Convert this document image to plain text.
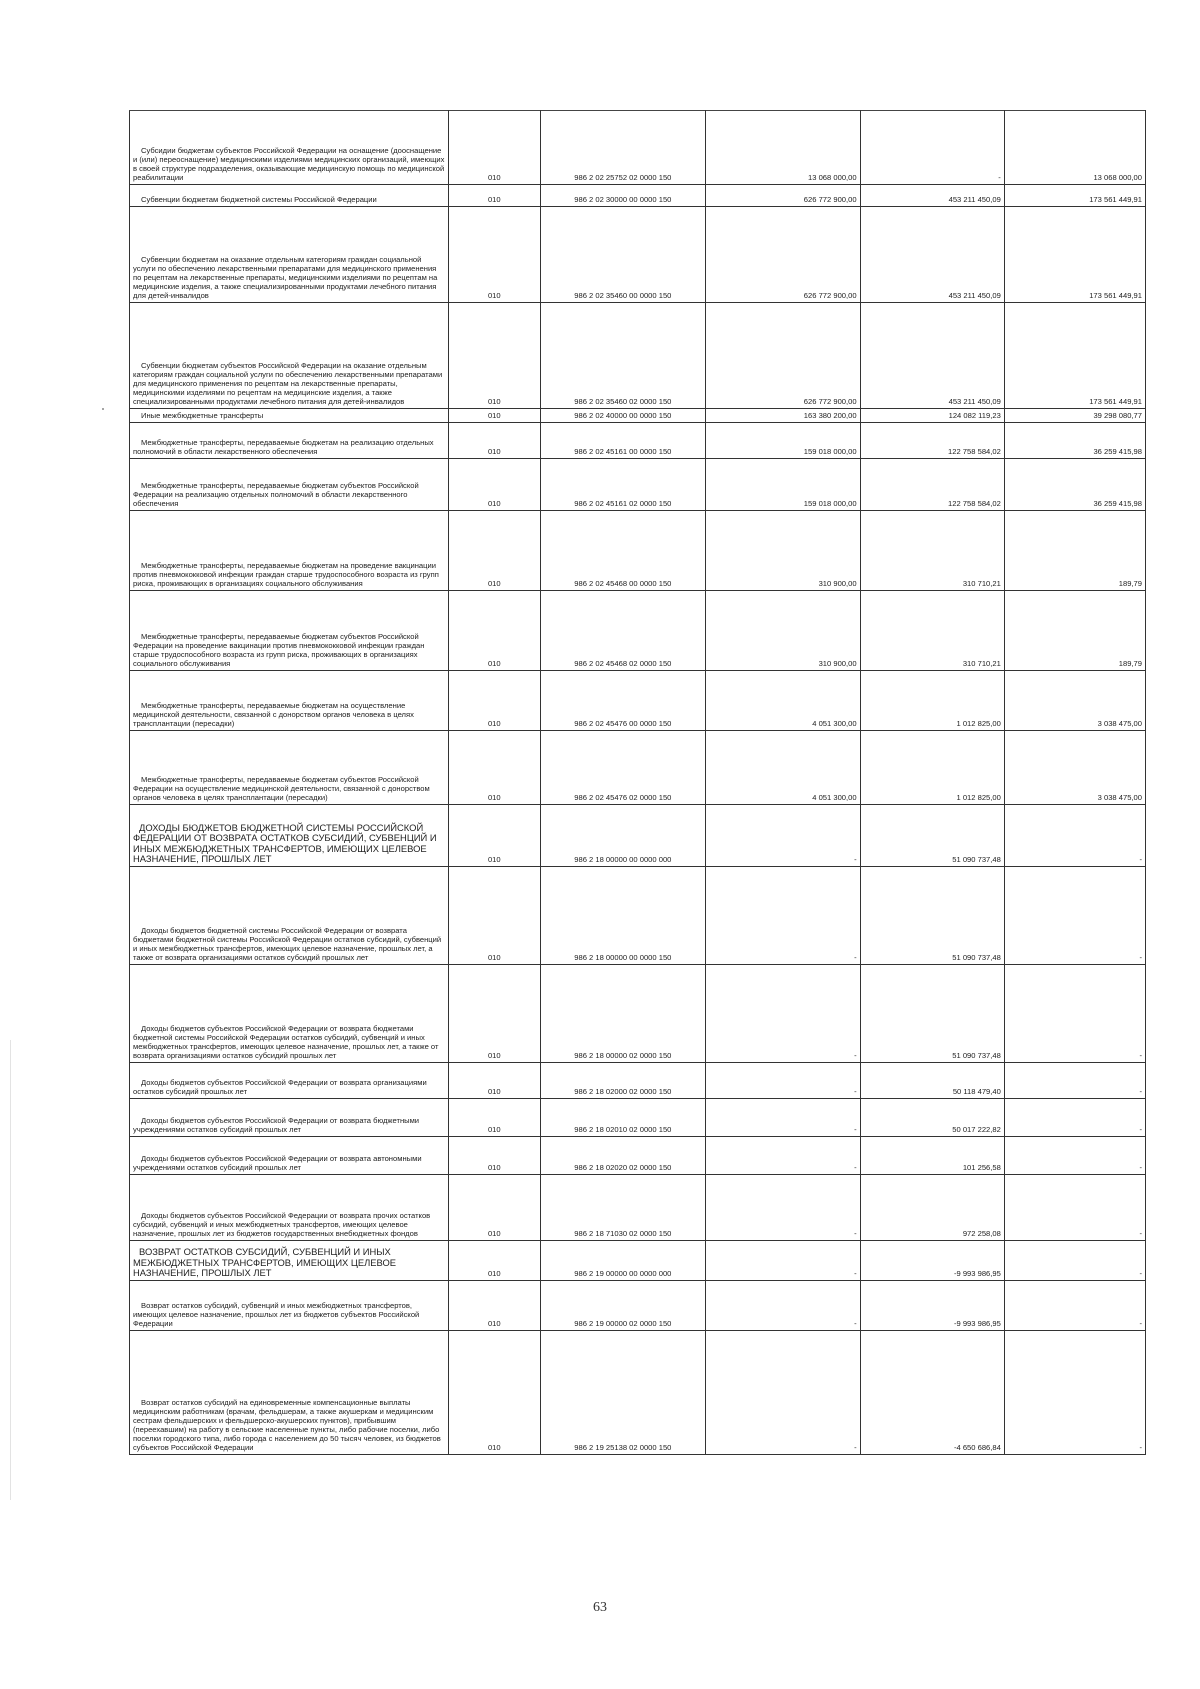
Субсидии бюджетам субъектов Российской Федерации на оснащение (дооснащение и (или) переоснащение) медицинскими изделиями медицинских организаций, имеющих в своей структуре подразделения, оказывающие медицинскую помощь по медицинской реабилитации	010	986 2 02 25752 02 0000 150	13 068 000,00	-	13 068 000,00
Субвенции бюджетам бюджетной системы Российской Федерации	010	986 2 02 30000 00 0000 150	626 772 900,00	453 211 450,09	173 561 449,91
Субвенции бюджетам на оказание отдельным категориям граждан социальной услуги по обеспечению лекарственными препаратами для медицинского применения по рецептам на лекарственные препараты, медицинскими изделиями по рецептам на медицинские изделия, а также специализированными продуктами лечебного питания для детей-инвалидов	010	986 2 02 35460 00 0000 150	626 772 900,00	453 211 450,09	173 561 449,91
Субвенции бюджетам субъектов Российской Федерации на оказание отдельным категориям граждан социальной услуги по обеспечению лекарственными препаратами для медицинского применения по рецептам на лекарственные препараты, медицинскими изделиями по рецептам на медицинские изделия, а также специализированными продуктами лечебного питания для детей-инвалидов	010	986 2 02 35460 02 0000 150	626 772 900,00	453 211 450,09	173 561 449,91
Иные межбюджетные трансферты	010	986 2 02 40000 00 0000 150	163 380 200,00	124 082 119,23	39 298 080,77
Межбюджетные трансферты, передаваемые бюджетам на реализацию отдельных полномочий в области лекарственного обеспечения	010	986 2 02 45161 00 0000 150	159 018 000,00	122 758 584,02	36 259 415,98
Межбюджетные трансферты, передаваемые бюджетам субъектов Российской Федерации на реализацию отдельных полномочий в области лекарственного обеспечения	010	986 2 02 45161 02 0000 150	159 018 000,00	122 758 584,02	36 259 415,98
Межбюджетные трансферты, передаваемые бюджетам на проведение вакцинации против пневмококковой инфекции граждан старше трудоспособного возраста из групп риска, проживающих в организациях социального обслуживания	010	986 2 02 45468 00 0000 150	310 900,00	310 710,21	189,79
Межбюджетные трансферты, передаваемые бюджетам субъектов Российской Федерации на проведение вакцинации против пневмококковой инфекции граждан старше трудоспособного возраста из групп риска, проживающих в организациях социального обслуживания	010	986 2 02 45468 02 0000 150	310 900,00	310 710,21	189,79
Межбюджетные трансферты, передаваемые бюджетам на осуществление медицинской деятельности, связанной с донорством органов человека в целях трансплантации (пересадки)	010	986 2 02 45476 00 0000 150	4 051 300,00	1 012 825,00	3 038 475,00
Межбюджетные трансферты, передаваемые бюджетам субъектов Российской Федерации на осуществление медицинской деятельности, связанной с донорством органов человека в целях трансплантации (пересадки)	010	986 2 02 45476 02 0000 150	4 051 300,00	1 012 825,00	3 038 475,00
ДОХОДЫ БЮДЖЕТОВ БЮДЖЕТНОЙ СИСТЕМЫ РОССИЙСКОЙ ФЕДЕРАЦИИ ОТ ВОЗВРАТА ОСТАТКОВ СУБСИДИЙ, СУБВЕНЦИЙ И ИНЫХ МЕЖБЮДЖЕТНЫХ ТРАНСФЕРТОВ, ИМЕЮЩИХ ЦЕЛЕВОЕ НАЗНАЧЕНИЕ, ПРОШЛЫХ ЛЕТ	010	986 2 18 00000 00 0000 000	-	51 090 737,48	-
Доходы бюджетов бюджетной системы Российской Федерации от возврата бюджетами бюджетной системы Российской Федерации остатков субсидий, субвенций и иных межбюджетных трансфертов, имеющих целевое назначение, прошлых лет, а также от возврата организациями остатков субсидий прошлых лет	010	986 2 18 00000 00 0000 150	-	51 090 737,48	-
Доходы бюджетов субъектов Российской Федерации от возврата бюджетами бюджетной системы Российской Федерации остатков субсидий, субвенций и иных межбюджетных трансфертов, имеющих целевое назначение, прошлых лет, а также от возврата организациями остатков субсидий прошлых лет	010	986 2 18 00000 02 0000 150	-	51 090 737,48	-
Доходы бюджетов субъектов Российской Федерации от возврата организациями остатков субсидий прошлых лет	010	986 2 18 02000 02 0000 150	-	50 118 479,40	-
Доходы бюджетов субъектов Российской Федерации от возврата бюджетными учреждениями остатков субсидий прошлых лет	010	986 2 18 02010 02 0000 150	-	50 017 222,82	-
Доходы бюджетов субъектов Российской Федерации от возврата автономными учреждениями остатков субсидий прошлых лет	010	986 2 18 02020 02 0000 150	-	101 256,58	-
Доходы бюджетов субъектов Российской Федерации от возврата прочих остатков субсидий, субвенций и иных межбюджетных трансфертов, имеющих целевое назначение, прошлых лет из бюджетов государственных внебюджетных фондов	010	986 2 18 71030 02 0000 150	-	972 258,08	-
ВОЗВРАТ ОСТАТКОВ СУБСИДИЙ, СУБВЕНЦИЙ И ИНЫХ МЕЖБЮДЖЕТНЫХ ТРАНСФЕРТОВ, ИМЕЮЩИХ ЦЕЛЕВОЕ НАЗНАЧЕНИЕ, ПРОШЛЫХ ЛЕТ	010	986 2 19 00000 00 0000 000	-	-9 993 986,95	-
Возврат остатков субсидий, субвенций и иных межбюджетных трансфертов, имеющих целевое назначение, прошлых лет из бюджетов субъектов Российской Федерации	010	986 2 19 00000 02 0000 150	-	-9 993 986,95	-
Возврат остатков субсидий на единовременные компенсационные выплаты медицинским работникам (врачам, фельдшерам, а также акушеркам и медицинским сестрам фельдшерских и фельдшерско-акушерских пунктов), прибывшим (переехавшим) на работу в сельские населенные пункты, либо рабочие поселки, либо поселки городского типа, либо города с населением до 50 тысяч человек, из бюджетов субъектов Российской Федерации	010	986 2 19 25138 02 0000 150	-	-4 650 686,84	-
63
